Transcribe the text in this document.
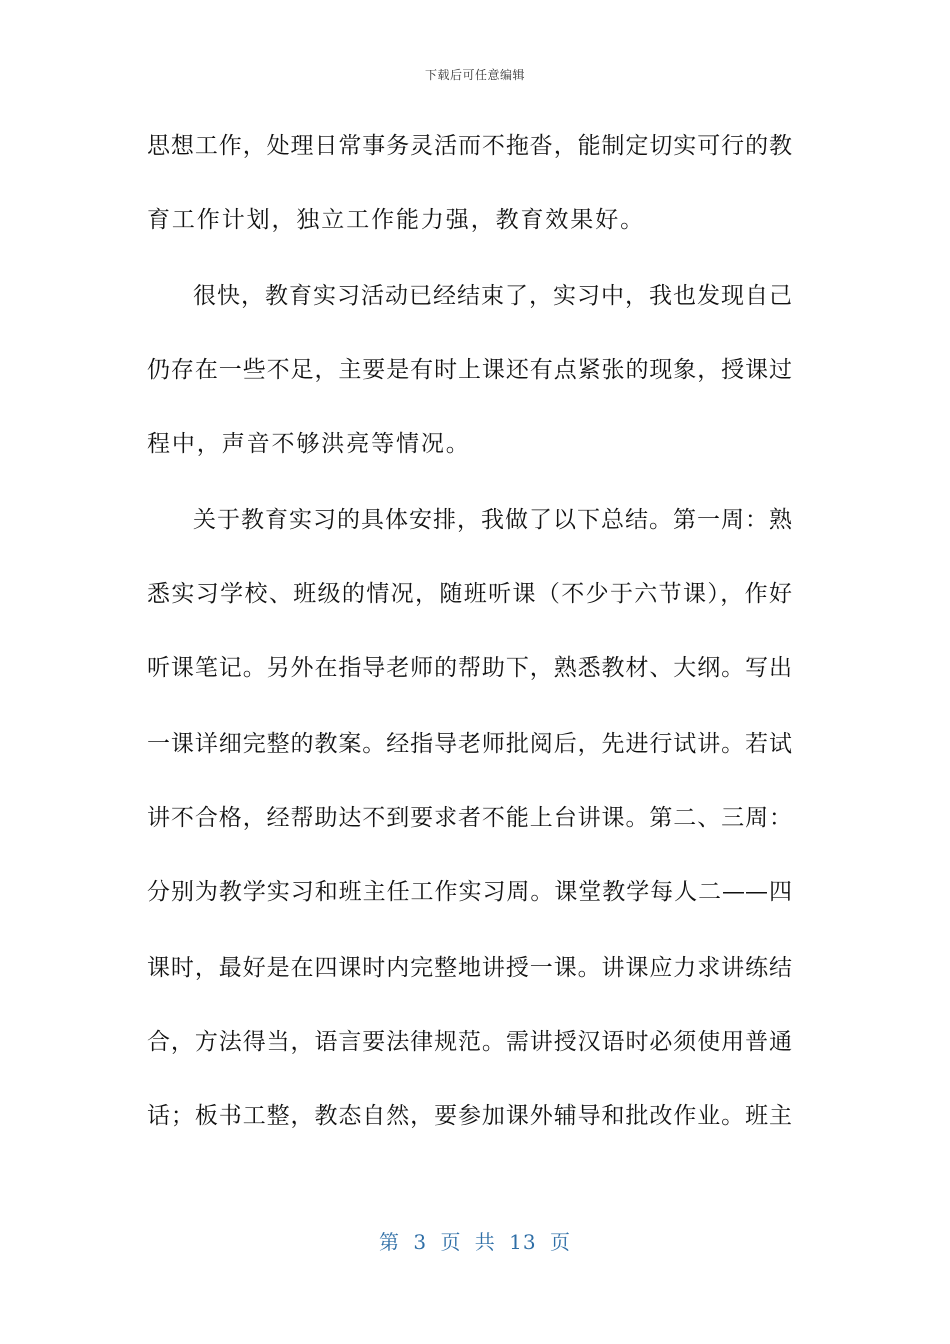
下载后可任意编辑
思想工作，处理日常事务灵活而不拖沓，能制定切实可行的教
育工作计划，独立工作能力强，教育效果好。
很快，教育实习活动已经结束了，实习中，我也发现自己
仍存在一些不足，主要是有时上课还有点紧张的现象，授课过
程中，声音不够洪亮等情况。
关于教育实习的具体安排，我做了以下总结。第一周：熟
悉实习学校、班级的情况，随班听课（不少于六节课），作好
听课笔记。另外在指导老师的帮助下，熟悉教材、大纲。写出
一课详细完整的教案。经指导老师批阅后，先进行试讲。若试
讲不合格，经帮助达不到要求者不能上台讲课。第二、三周：
分别为教学实习和班主任工作实习周。课堂教学每人二——四
课时，最好是在四课时内完整地讲授一课。讲课应力求讲练结
合，方法得当，语言要法律规范。需讲授汉语时必须使用普通
话；板书工整，教态自然，要参加课外辅导和批改作业。班主
第 3 页 共 13 页
